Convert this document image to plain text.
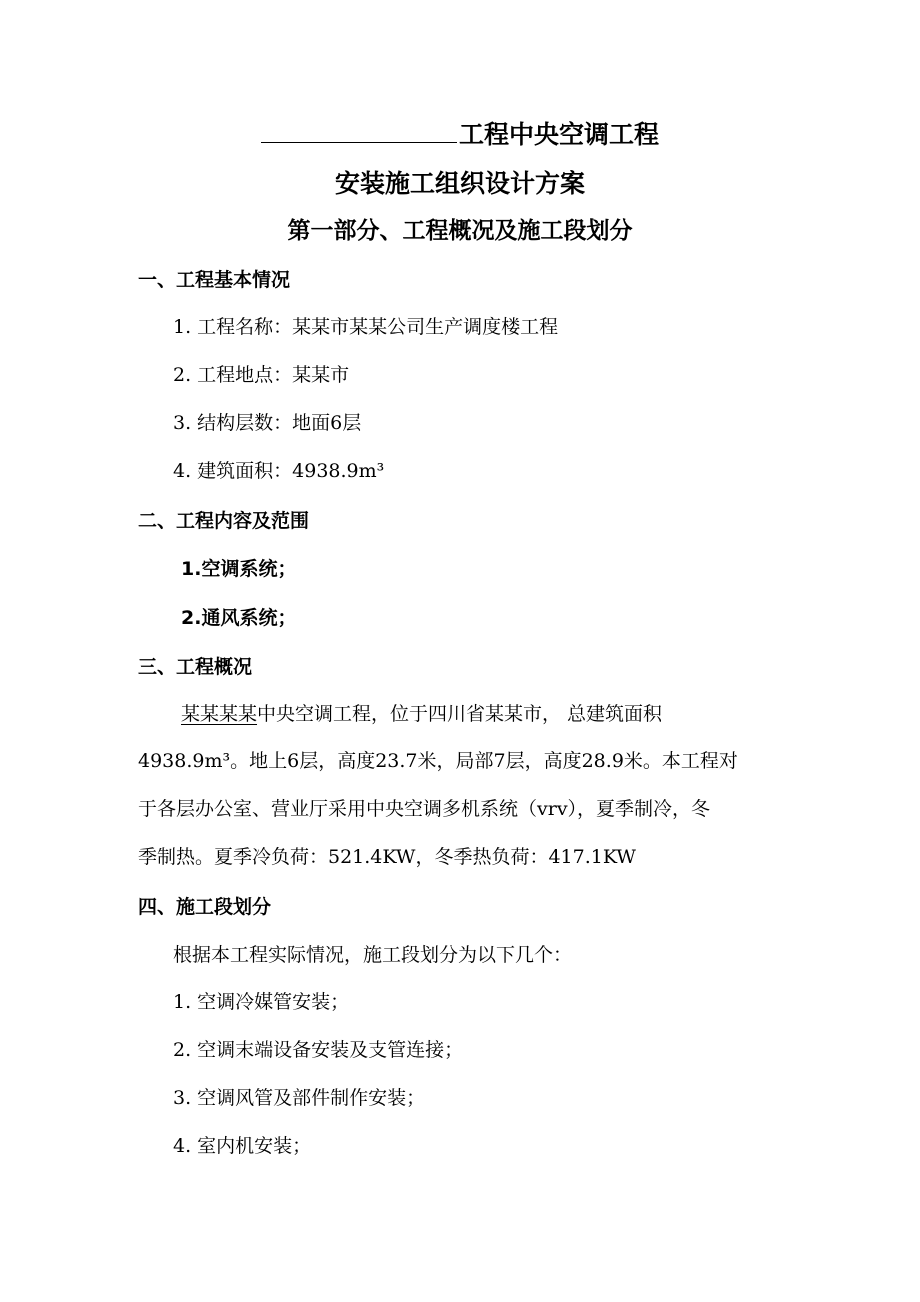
工程中央空调工程
安装施工组织设计方案
第一部分、工程概况及施工段划分
一、工程基本情况
1. 工程名称：某某市某某公司生产调度楼工程
2. 工程地点：某某市
3. 结构层数：地面6层
4. 建筑面积：4938.9m³
二、工程内容及范围
1.空调系统；
2.通风系统；
三、工程概况
某某某某中央空调工程，位于四川省某某市， 总建筑面积
4938.9m³。地上6层，高度23.7米，局部7层，高度28.9米。本工程对
于各层办公室、营业厅采用中央空调多机系统（vrv），夏季制冷，冬
季制热。夏季冷负荷：521.4KW，冬季热负荷：417.1KW
四、施工段划分
根据本工程实际情况，施工段划分为以下几个：
1. 空调冷媒管安装；
2. 空调末端设备安装及支管连接；
3. 空调风管及部件制作安装；
4. 室内机安装；
